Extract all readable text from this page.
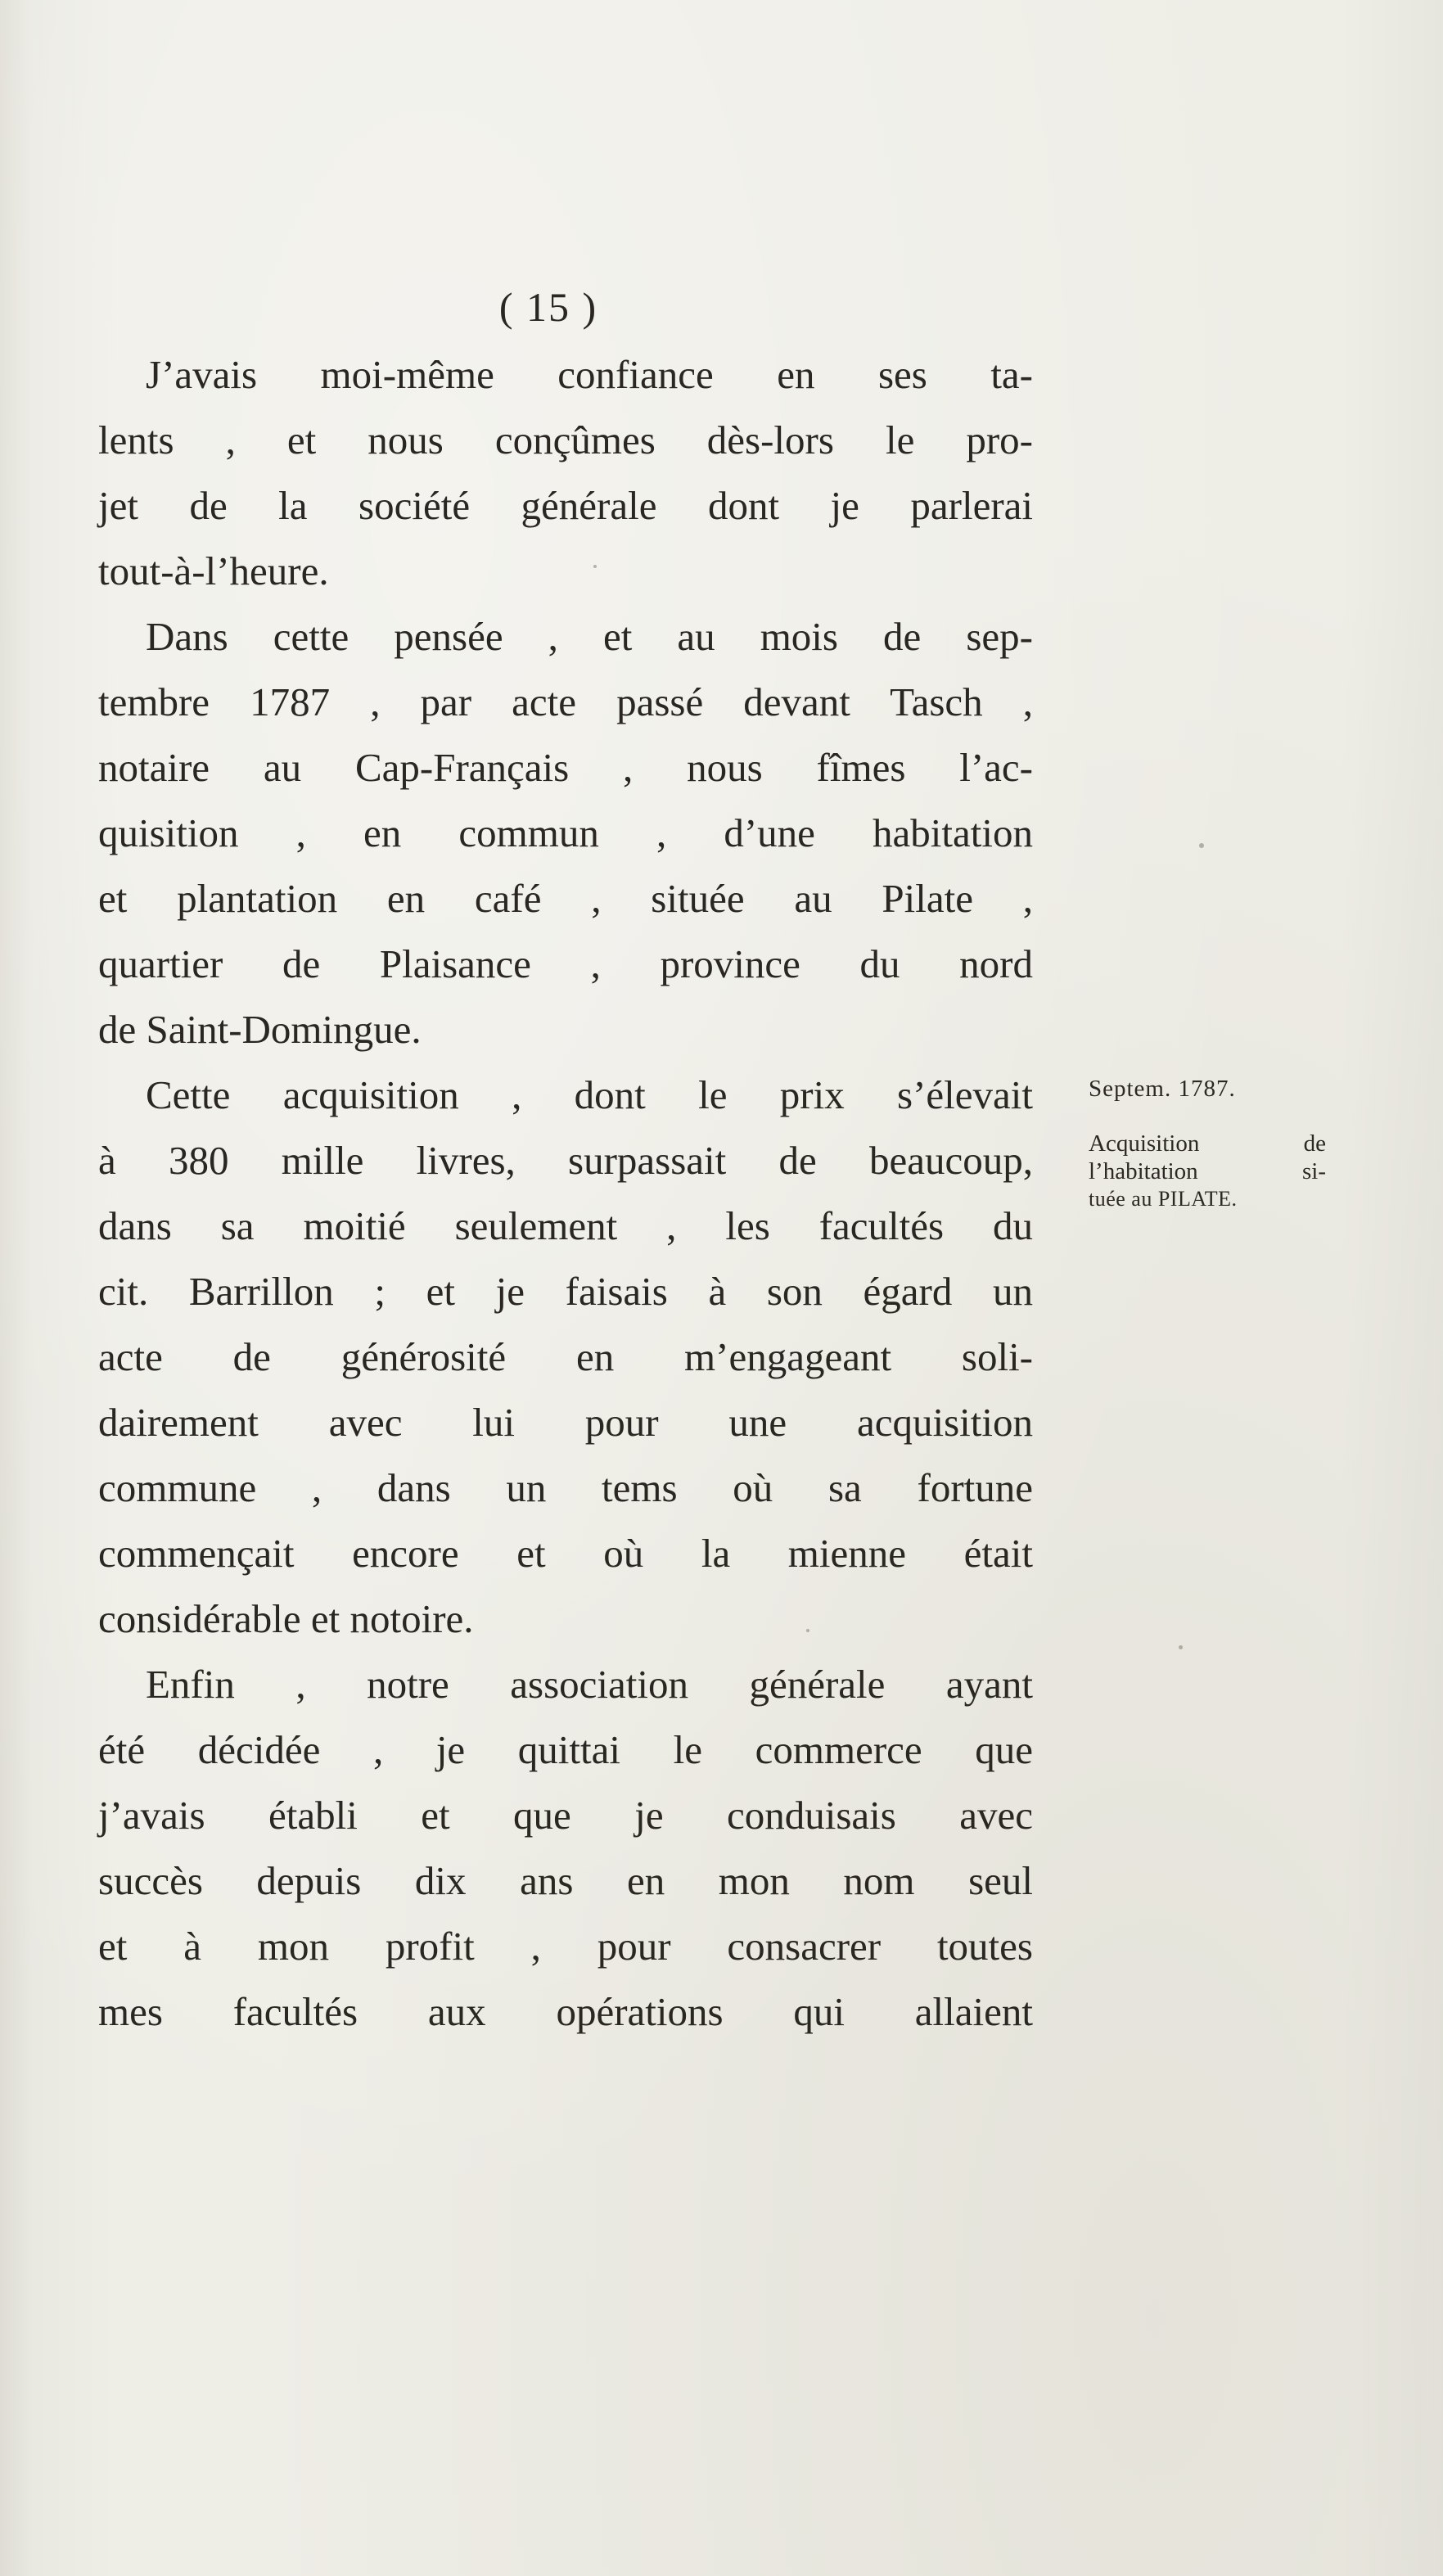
( 15 )
J’avais moi-même confiance en ses ta-
lents , et nous conçûmes dès-lors le pro-
jet de la société générale dont je parlerai
tout-à-l’heure.
Dans cette pensée , et au mois de sep-
tembre 1787 , par acte passé devant Tasch ,
notaire au Cap-Français , nous fîmes l’ac-
quisition , en commun , d’une habitation
et plantation en café , située au Pilate ,
quartier de Plaisance , province du nord
de Saint-Domingue.
Cette acquisition , dont le prix s’élevait
à 380 mille livres, surpassait de beaucoup,
dans sa moitié seulement , les facultés du
cit. Barrillon ; et je faisais à son égard un
acte de générosité en m’engageant soli-
dairement avec lui pour une acquisition
commune , dans un tems où sa fortune
commençait encore et où la mienne était
considérable et notoire.
Enfin , notre association générale ayant
été décidée , je quittai le commerce que
j’avais établi et que je conduisais avec
succès depuis dix ans en mon nom seul
et à mon profit , pour consacrer toutes
mes facultés aux opérations qui allaient
Septem. 1787.
Acquisition de
l’habitation si-
tuée au PILATE.
